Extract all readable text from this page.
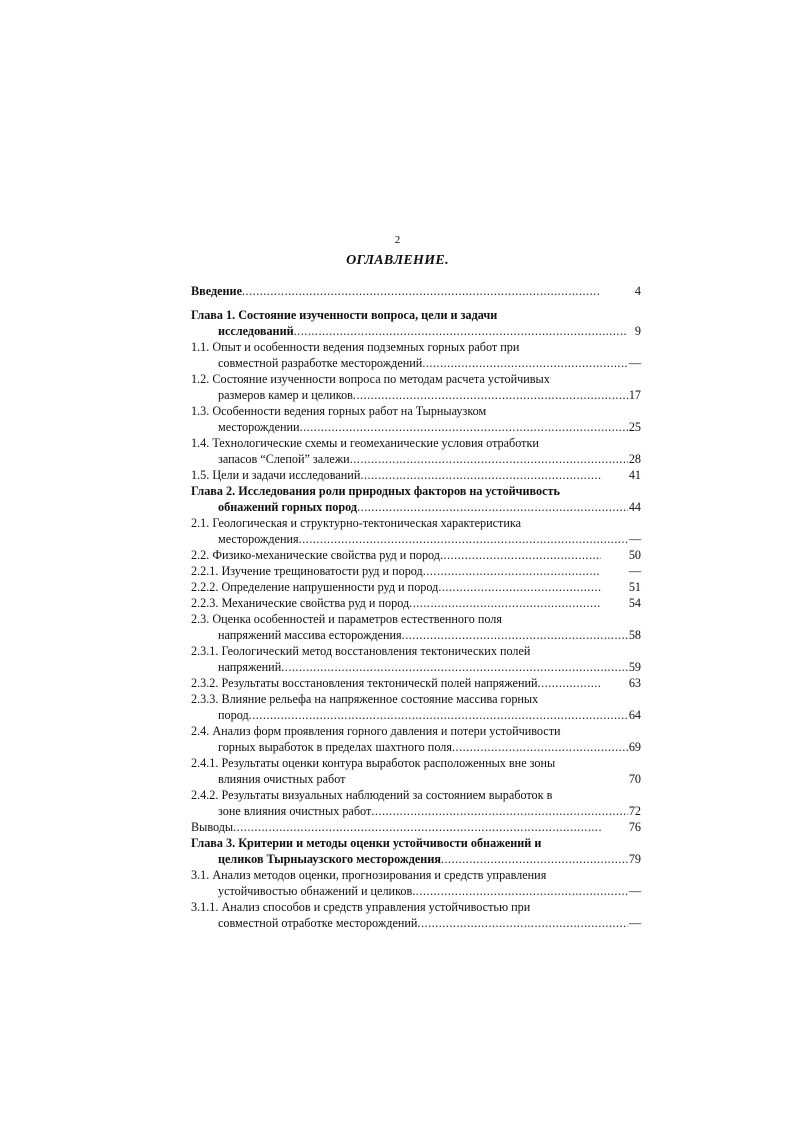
2
ОГЛАВЛЕНИЕ.
Введение .....	4
Глава 1. Состояние изученности вопроса, цели и задачи
исследований .....	9
1.1. Опыт и особенности ведения подземных горных работ при
совместной разработке месторождений .....	—
1.2. Состояние изученности вопроса по методам расчета устойчивых
размеров камер и целиков .....	17
1.3. Особенности ведения горных работ на Тырныаузком
месторождении .....	25
1.4. Технологические схемы и геомеханические условия отработки
запасов “Слепой” залежи .....	28
1.5. Цели и задачи исследований .....	41
Глава 2. Исследования роли природных факторов на устойчивость
обнажений горных пород .....	44
2.1. Геологическая и структурно-тектоническая характеристика
месторождения .....	—
2.2. Физико-механические свойства руд и пород .....	50
2.2.1. Изучение трещиноватости руд и пород .....	—
2.2.2. Определение напрушенности руд и пород .....	51
2.2.3. Механические свойства руд и пород .....	54
2.3. Оценка особенностей и параметров естественного поля
напряжений массива есторождения .....	58
2.3.1. Геологический метод восстановления тектонических полей
напряжений .....	59
2.3.2. Результаты восстановления тектоническй полей напряжений .....	63
2.3.3. Влияние рельефа на напряженное состояние массива горных
пород .....	64
2.4. Анализ форм проявления горного давления и потери устойчивости
горных выработок в пределах шахтного поля .....	69
2.4.1. Результаты оценки контура выработок расположенных вне зоны
влияния очистных работ	70
2.4.2. Результаты визуальных наблюдений за состоянием выработок в
зоне влияния очистных работ .....	72
Выводы .....	76
Глава 3. Критерии и методы оценки устойчивости обнажений и
целиков Тырныаузского месторождения .....	79
3.1. Анализ методов оценки, прогнозирования и средств управления
устойчивостью обнажений и целиков .....	—
3.1.1. Анализ способов и средств управления устойчивостью при
совместной отработке месторождений .....	—
